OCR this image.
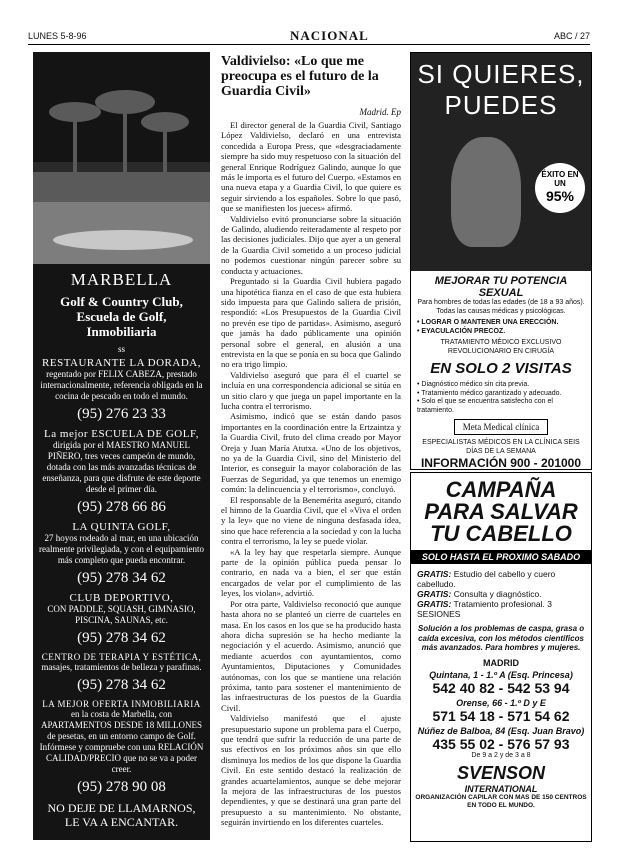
LUNES 5-8-96	NACIONAL	ABC / 27
MARBELLA
Golf & Country Club,
Escuela de Golf,
Inmobiliaria
ss
RESTAURANTE LA DORADA,
regentado por FELIX CABEZA, prestado internacionalmente, referencia obligada en la cocina de pescado en todo el mundo.
(95) 276 23 33
La mejor ESCUELA DE GOLF,
dirigida por el MAESTRO MANUEL PIÑERO, tres veces campeón de mundo, dotada con las más avanzadas técnicas de enseñanza, para que disfrute de este deporte desde el primer día.
(95) 278 66 86
LA QUINTA GOLF,
27 hoyos rodeado al mar, en una ubicación realmente privilegiada, y con el equipamiento más completo que pueda encontrar.
(95) 278 34 62
CLUB DEPORTIVO,
CON PADDLE, SQUASH, GIMNASIO, PISCINA, SAUNAS, etc.
(95) 278 34 62
CENTRO DE TERAPIA Y ESTÉTICA,
masajes, tratamientos de belleza y parafinas.
(95) 278 34 62
LA MEJOR OFERTA INMOBILIARIA
en la costa de Marbella, con APARTAMENTOS DESDE 18 MILLONES de pesetas, en un entorno campo de Golf. Infórmese y compruebe con una RELACIÓN CALIDAD/PRECIO que no se va a poder creer.
(95) 278 90 08
NO DEJE DE LLAMARNOS,
LE VA A ENCANTAR.
Valdivielso: «Lo que me preocupa es el futuro de la Guardia Civil»
Madrid. Ep

El director general de la Guardia Civil, Santiago López Valdivielso, declaró en una entrevista concedida a Europa Press, que «desgraciadamente siempre ha sido muy respetuoso con la situación del general Enrique Rodríguez Galindo, aunque lo que más le importa es el futuro del Cuerpo. «Estamos en una nueva etapa y a Guardia Civil, lo que quiere es seguir sirviendo a los españoles. Sobre lo que pasó, que se manifiesten los jueces» afirmó.

Valdivielso evitó pronunciarse sobre la situación de Galindo, aludiendo reiteradamente al respeto por las decisiones judiciales. Dijo que ayer a un general de la Guardia Civil sometido a un proceso judicial no podemos cuestionar ningún parecer sobre su conducta y actuaciones.

Preguntado si la Guardia Civil hubiera pagado una hipotética fianza en el caso de que esta hubiera sido impuesta para que Galindo saliera de prisión, respondió: «Los Presupuestos de la Guardia Civil no prevén ese tipo de partidas». Asimismo, aseguró que jamás ha dado públicamente una opinión personal sobre el general, en alusión a una entrevista en la que se ponía en su boca que Galindo no era trigo limpio.

Valdivielso aseguró que para él el cuartel se incluía en una correspondencia adicional se sitúa en un sitio claro y que juega un papel importante en la lucha contra el terrorismo.

Asimismo, indicó que se están dando pasos importantes en la coordinación entre la Ertzaintza y la Guardia Civil, fruto del clima creado por Mayor Oreja y Juan María Atutxa. «Uno de los objetivos, no ya de la Guardia Civil, sino del Ministerio del Interior, es conseguir la mayor colaboración de las Fuerzas de Seguridad, ya que tenemos un enemigo común: la delincuencia y el terrorismo», concluyó.

El responsable de la Benemérita aseguró, citando el himno de la Guardia Civil, que el «Viva el orden y la ley» que no viene de ninguna desfasada idea, sino que hace referencia a la sociedad y con la lucha contra el terrorismo, la ley se puede violar.

«A la ley hay que respetarla siempre. Aunque parte de la opinión pública pueda pensar lo contrario, en nada va a bien, el ser que están encargados de velar por el cumplimiento de las leyes, los violan», advirtió.

Por otra parte, Valdivielso reconoció que aunque hasta ahora no se planteó un cierre de cuarteles en masa. En los casos en los que se ha producido hasta ahora dicha supresión se ha hecho mediante la negociación y el acuerdo. Asimismo, anunció que mediante acuerdos con ayuntamientos, como Ayuntamientos, Diputaciones y Comunidades autónomas, con los que se mantiene una relación próxima, tanto para sostener el mantenimiento de las infraestructuras de los puestos de la Guardia Civil.

Valdivielso manifestó que el ajuste presupuestario supone un problema para el Cuerpo, que tendrá que sufrir la reducción de una parte de sus efectivos en los próximos años sin que ello disminuya los medios de los que dispone la Guardia Civil. En este sentido destacó la realización de grandes acuartelamientos, aunque se debe mejorar la mejora de las infraestructuras de los puestos dependientes, y que se destinará una gran parte del presupuesto a su mantenimiento. No obstante, seguirán invirtiendo en los diferentes cuarteles.

SI QUIERES, PUEDES
ÉXITO EN UN
95%
MEJORAR TU POTENCIA SEXUAL
Para hombres de todas las edades (de 18 a 93 años). Todas las causas médicas y psicológicas.
• LOGRAR O MANTENER UNA ERECCIÓN.
• EYACULACIÓN PRECOZ.
TRATAMIENTO MÉDICO EXCLUSIVO REVOLUCIONARIO EN CIRUGÍA
EN SOLO 2 VISITAS
• Diagnóstico médico sin cita previa.
• Tratamiento médico garantizado y adecuado.
• Solo el que se encuentra satisfecho con el tratamiento.
Meta Medical clínica
ESPECIALISTAS MÉDICOS EN LA CLÍNICA SEIS DÍAS DE LA SEMANA
INFORMACIÓN 900 - 201000
CAMPAÑA
PARA SALVAR
TU CABELLO
SOLO HASTA EL PROXIMO SABADO
GRATIS: Estudio del cabello y cuero cabelludo.
GRATIS: Consulta y diagnóstico.
GRATIS: Tratamiento profesional. 3 SESIONES
Solución a los problemas de caspa, grasa o caída excesiva, con los métodos científicos más avanzados. Para hombres y mujeres.
MADRID
Quintana, 1 - 1.º A (Esq. Princesa)
542 40 82 - 542 53 94
Orense, 66 - 1.º D y E
571 54 18 - 571 54 62
Núñez de Balboa, 84 (Esq. Juan Bravo)
435 55 02 - 576 57 93
De 9 a 2 y de 3 a 8
SVENSON
INTERNATIONAL
ORGANIZACIÓN CAPILAR CON MAS DE 150 CENTROS EN TODO EL MUNDO.
